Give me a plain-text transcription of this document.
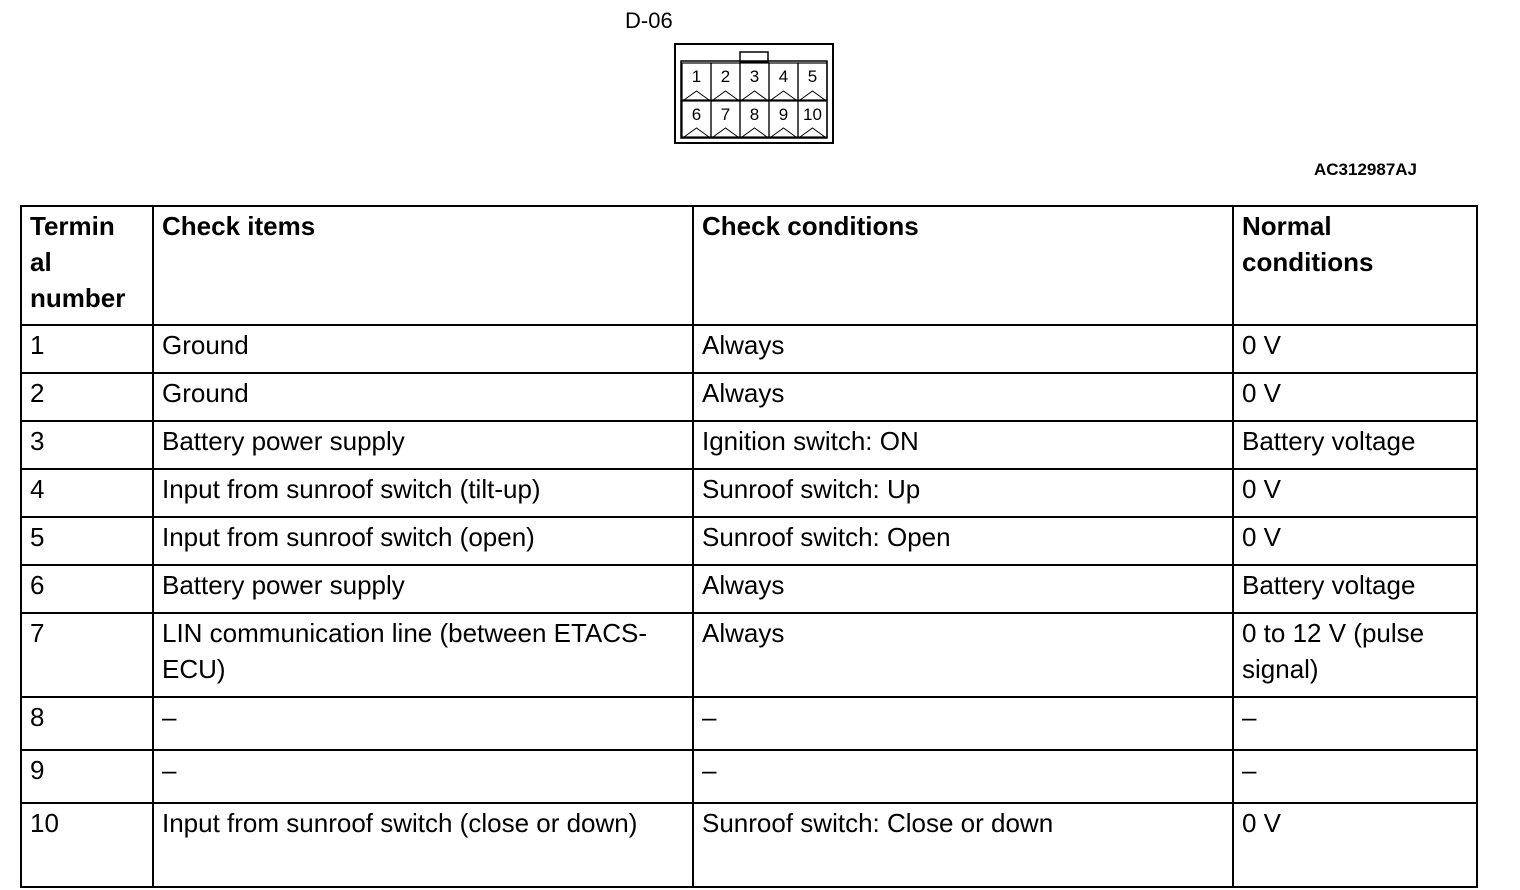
D-06
1 2 3 4 5
6 7 8 9 10
AC312987AJ
Termin
al
number	Check items	Check conditions	Normal conditions
1	Ground	Always	0 V
2	Ground	Always	0 V
3	Battery power supply	Ignition switch: ON	Battery voltage
4	Input from sunroof switch (tilt-up)	Sunroof switch: Up	0 V
5	Input from sunroof switch (open)	Sunroof switch: Open	0 V
6	Battery power supply	Always	Battery voltage
7	LIN communication line (between ETACS-ECU)	Always	0 to 12 V (pulse signal)
8	–	–	–
9	–	–	–
10	Input from sunroof switch (close or down)	Sunroof switch: Close or down	0 V
